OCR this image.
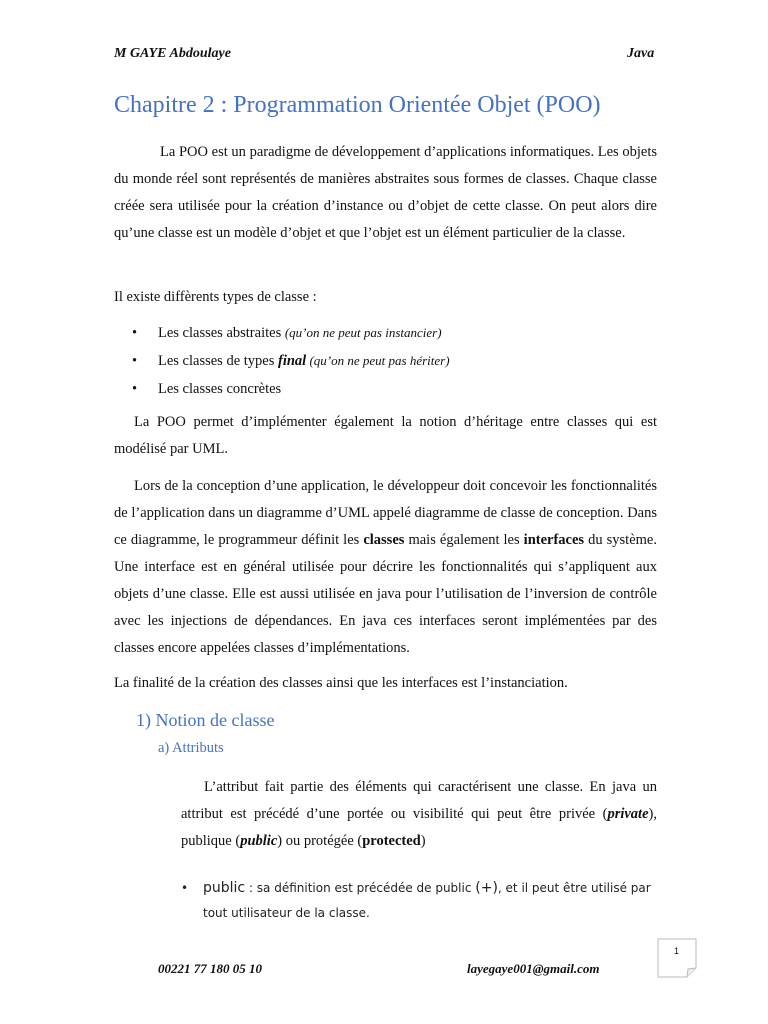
M GAYE Abdoulaye	Java
Chapitre 2 : Programmation Orientée Objet (POO)

La POO est un paradigme de développement d’applications informatiques. Les objets du monde réel sont représentés de manières abstraites sous formes de classes. Chaque classe créée sera utilisée pour la création d’instance ou d’objet de cette classe. On peut alors dire qu’une classe est un modèle d’objet et que l’objet est un élément particulier de la classe.

Il existe diffèrents types de classe :

• Les classes abstraites (qu’on ne peut pas instancier)
• Les classes de types final (qu’on ne peut pas hériter)
• Les classes concrètes

La POO permet d’implémenter également la notion d’héritage entre classes qui est modélisé par UML.

Lors de la conception d’une application, le développeur doit concevoir les fonctionnalités de l’application dans un diagramme d’UML appelé diagramme de classe de conception. Dans ce diagramme, le programmeur définit les classes mais également les interfaces du système. Une interface est en général utilisée pour décrire les fonctionnalités qui s’appliquent aux objets d’une classe. Elle est aussi utilisée en java pour l’utilisation de l’inversion de contrôle avec les injections de dépendances. En java ces interfaces seront implémentées par des classes encore appelées classes d’implémentations.

La finalité de la création des classes ainsi que les interfaces est l’instanciation.

1) Notion de classe
a) Attributs

L’attribut fait partie des éléments qui caractérisent une classe. En java un attribut est précédé d’une portée ou visibilité qui peut être privée (private), publique (public) ou protégée (protected)

•	public : sa définition est précédée de public (+), et il peut être utilisé par tout utilisateur de la classe.
1
00221 77 180 05 10	layegaye001@gmail.com
